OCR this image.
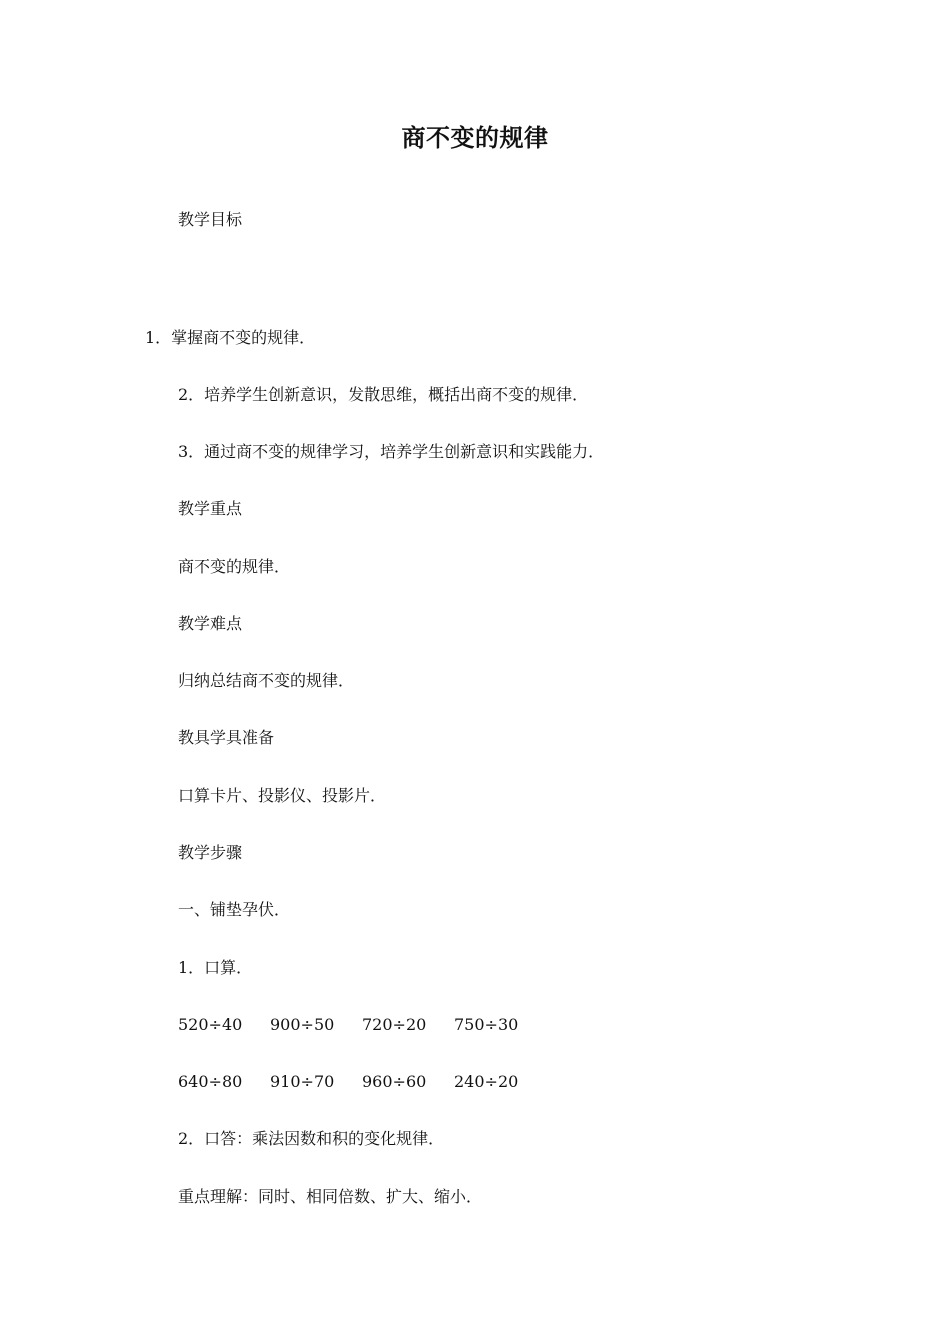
商不变的规律
教学目标
1．掌握商不变的规律．
2．培养学生创新意识，发散思维，概括出商不变的规律．
3．通过商不变的规律学习，培养学生创新意识和实践能力．
教学重点
商不变的规律．
教学难点
归纳总结商不变的规律．
教具学具准备
口算卡片、投影仪、投影片．
教学步骤
一、铺垫孕伏．
1．口算．
520÷40 900÷50 720÷20 750÷30
640÷80 910÷70 960÷60 240÷20
2．口答：乘法因数和积的变化规律．
重点理解：同时、相同倍数、扩大、缩小．
